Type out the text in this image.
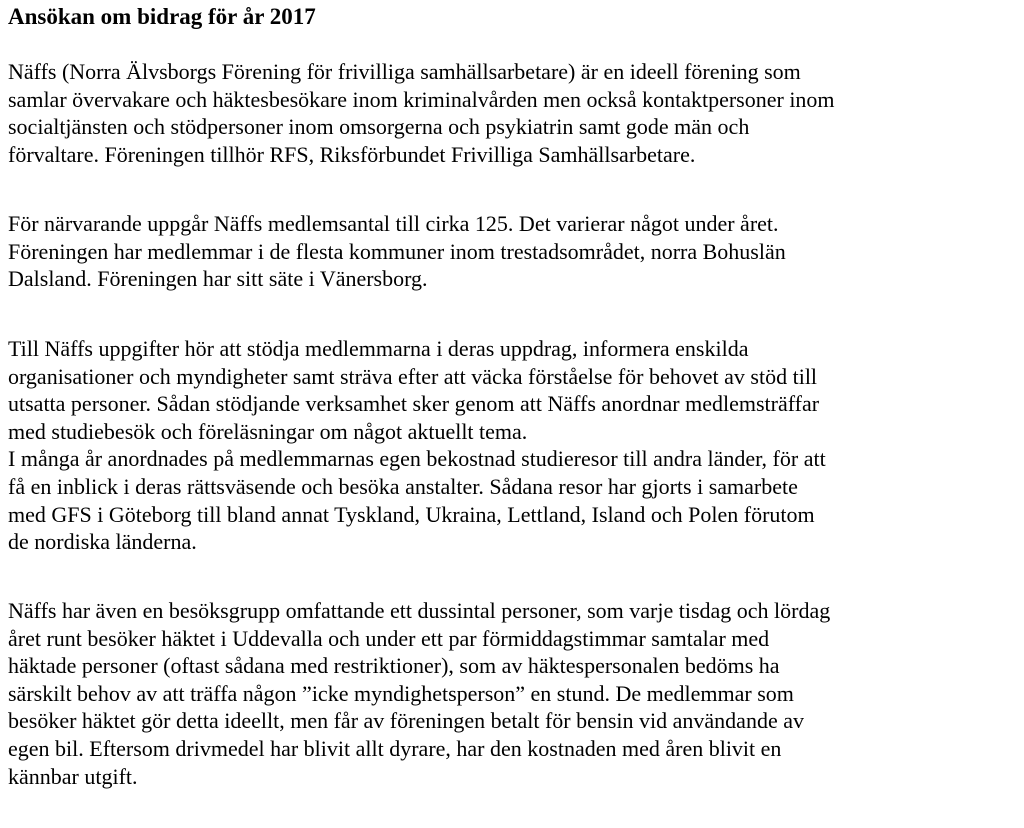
Ansökan om bidrag för år 2017

Näffs (Norra Älvsborgs Förening för frivilliga samhällsarbetare) är en ideell förening som
samlar övervakare och häktesbesökare inom kriminalvården men också kontaktpersoner inom
socialtjänsten och stödpersoner inom omsorgerna och psykiatrin samt gode män och
förvaltare. Föreningen tillhör RFS, Riksförbundet Frivilliga Samhällsarbetare.

För närvarande uppgår Näffs medlemsantal till cirka 125. Det varierar något under året.
Föreningen har medlemmar i de flesta kommuner inom trestadsområdet, norra Bohuslän
Dalsland. Föreningen har sitt säte i Vänersborg.

Till Näffs uppgifter hör att stödja medlemmarna i deras uppdrag, informera enskilda
organisationer och myndigheter samt sträva efter att väcka förståelse för behovet av stöd till
utsatta personer. Sådan stödjande verksamhet sker genom att Näffs anordnar medlemsträffar
med studiebesök och föreläsningar om något aktuellt tema.
I många år anordnades på medlemmarnas egen bekostnad studieresor till andra länder, för att
få en inblick i deras rättsväsende och besöka anstalter. Sådana resor har gjorts i samarbete
med GFS i Göteborg till bland annat Tyskland, Ukraina, Lettland, Island och Polen förutom
de nordiska länderna.

Näffs har även en besöksgrupp omfattande ett dussintal personer, som varje tisdag och lördag
året runt besöker häktet i Uddevalla och under ett par förmiddagstimmar samtalar med
häktade personer (oftast sådana med restriktioner), som av häktespersonalen bedöms ha
särskilt behov av att träffa någon ”icke myndighetsperson” en stund. De medlemmar som
besöker häktet gör detta ideellt, men får av föreningen betalt för bensin vid användande av
egen bil. Eftersom drivmedel har blivit allt dyrare, har den kostnaden med åren blivit en
kännbar utgift.
